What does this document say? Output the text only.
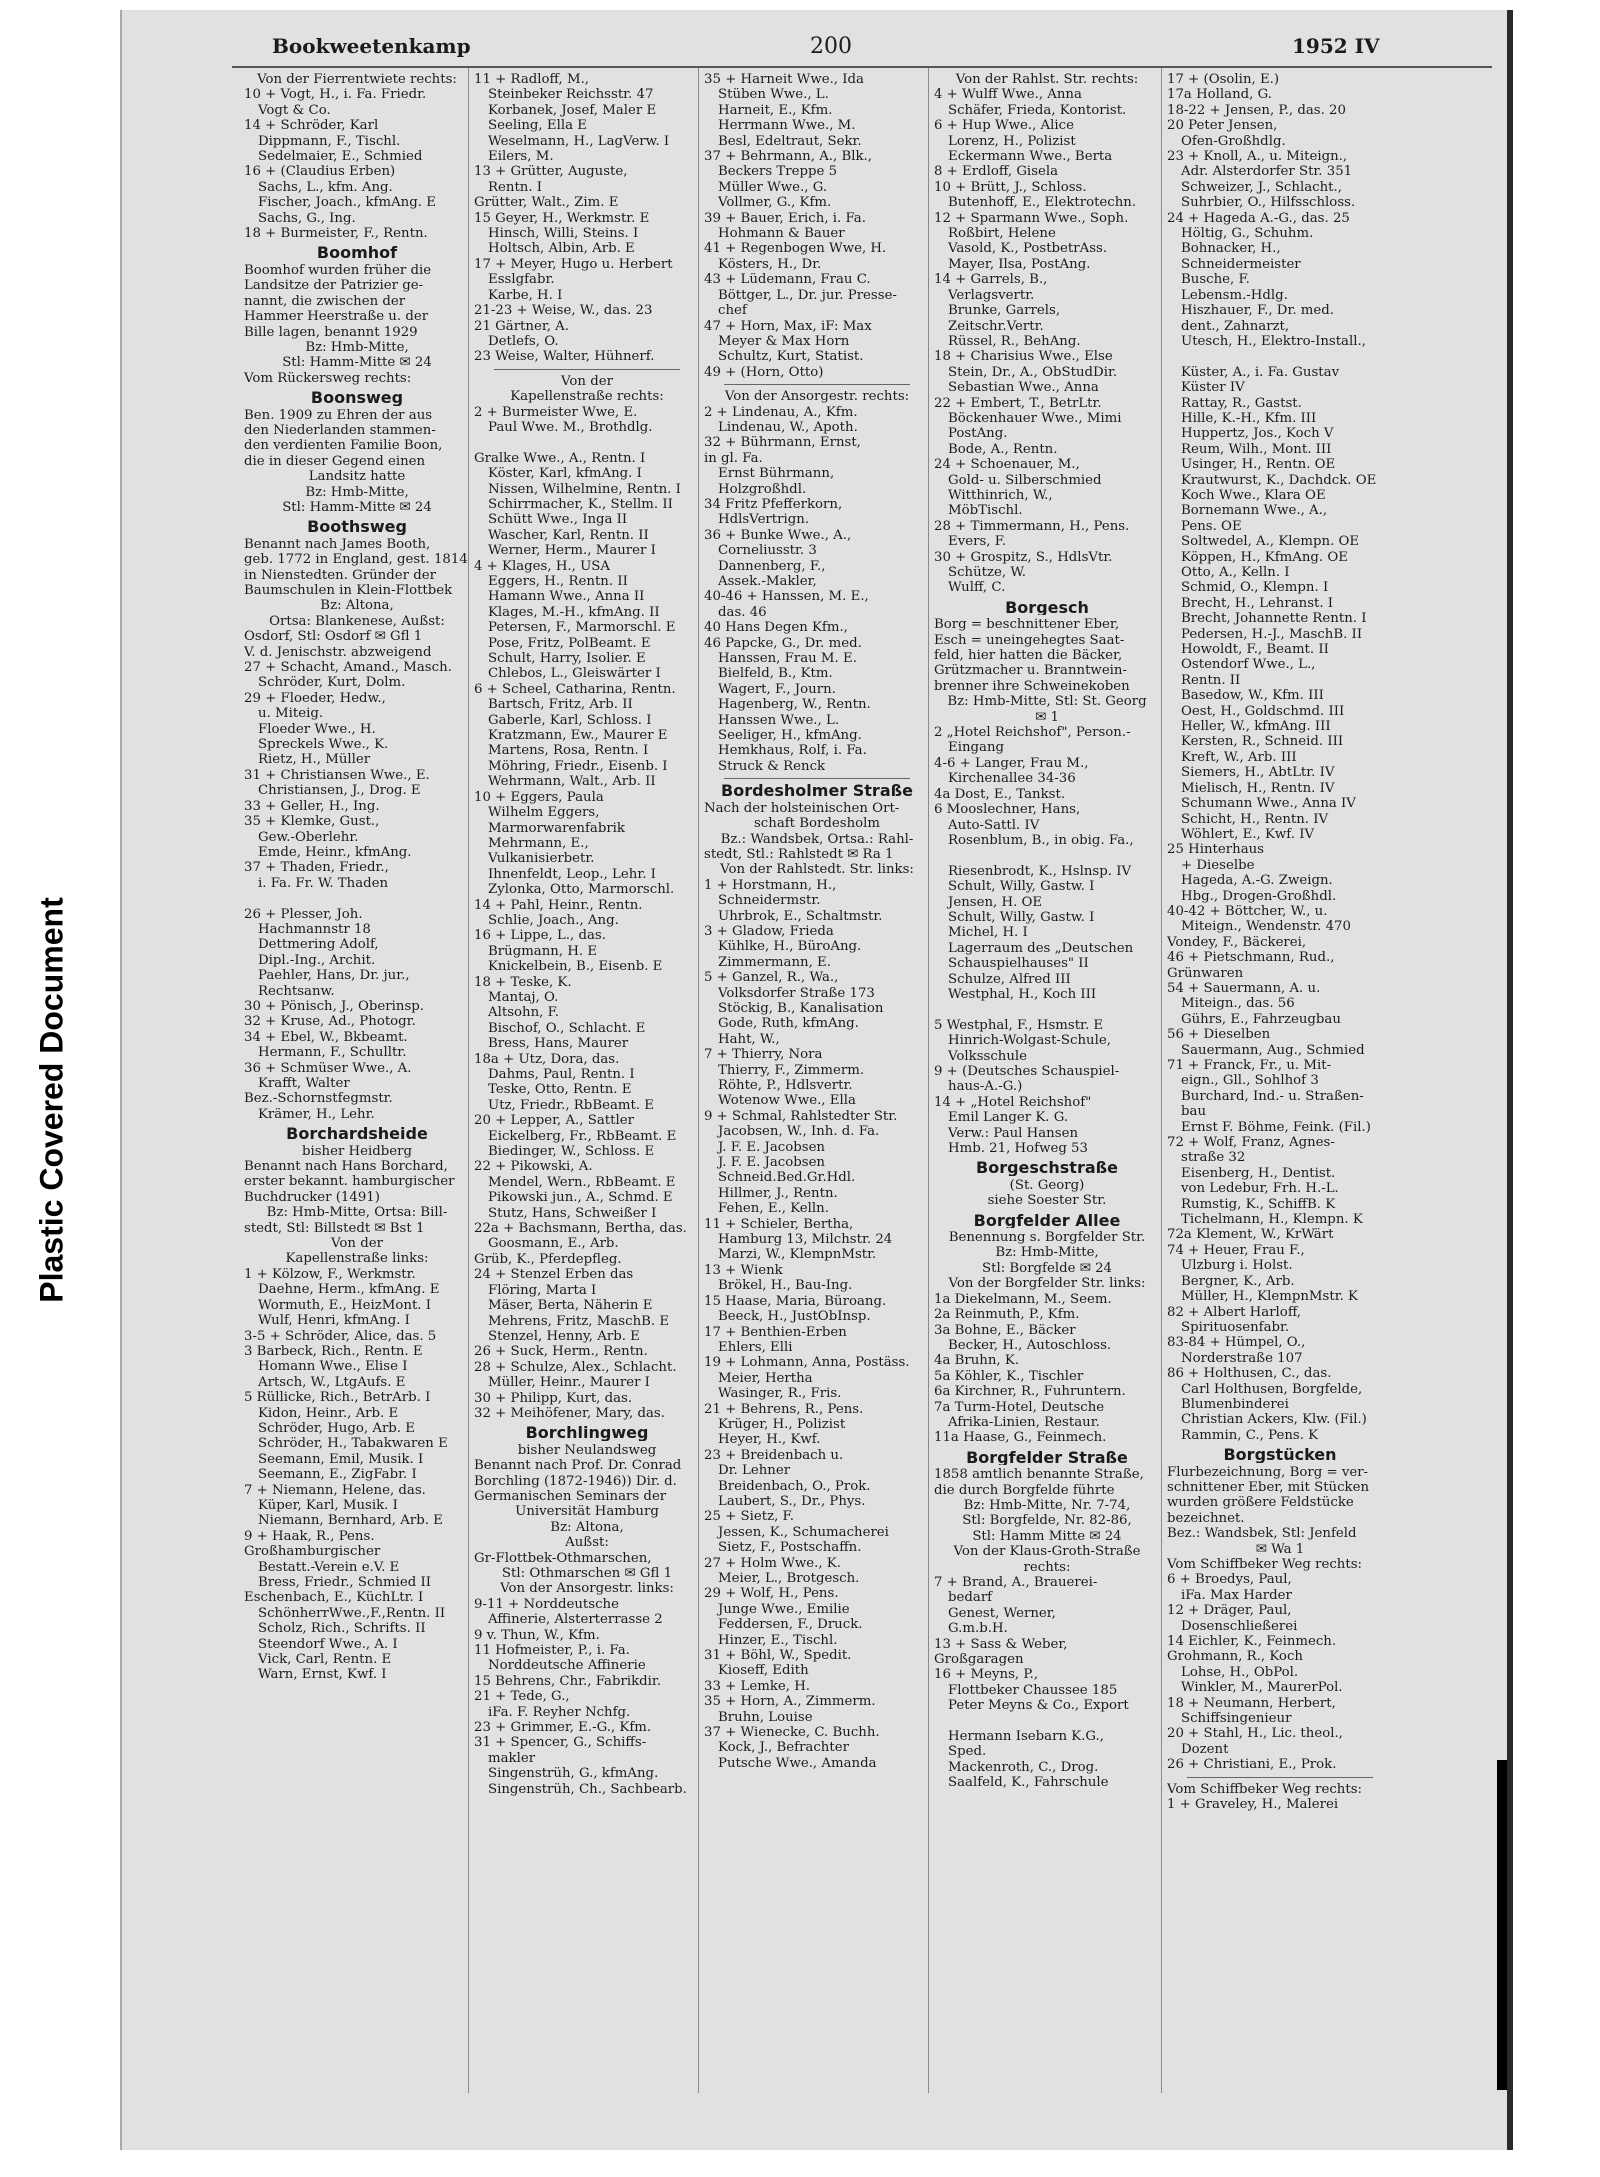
Plastic Covered Document
Bookweetenkamp	200	1952 IV
Von der Fierrentwiete rechts:
10 + Vogt, H., i. Fa. Friedr.
Vogt & Co.
14 + Schröder, Karl
Dippmann, F., Tischl.
Sedelmaier, E., Schmied
16 + (Claudius Erben)
Sachs, L., kfm. Ang.
Fischer, Joach., kfmAng. E
Sachs, G., Ing.
18 + Burmeister, F., Rentn.
Boomhof
Boomhof wurden früher die
Landsitze der Patrizier ge-
nannt, die zwischen der
Hammer Heerstraße u. der
Bille lagen, benannt 1929
Bz: Hmb-Mitte,
Stl: Hamm-Mitte ✉ 24
Vom Rückersweg rechts:
Boonsweg
Ben. 1909 zu Ehren der aus
den Niederlanden stammen-
den verdienten Familie Boon,
die in dieser Gegend einen
Landsitz hatte
Bz: Hmb-Mitte,
Stl: Hamm-Mitte ✉ 24
Boothsweg
Benannt nach James Booth,
geb. 1772 in England, gest. 1814
in Nienstedten. Gründer der
Baumschulen in Klein-Flottbek
Bz: Altona,
Ortsa: Blankenese, Außst:
Osdorf, Stl: Osdorf ✉ Gfl 1
V. d. Jenischstr. abzweigend
27 + Schacht, Amand., Masch.
Schröder, Kurt, Dolm.
29 + Floeder, Hedw.,
u. Miteig.
Floeder Wwe., H.
Spreckels Wwe., K.
Rietz, H., Müller
31 + Christiansen Wwe., E.
Christiansen, J., Drog. E
33 + Geller, H., Ing.
35 + Klemke, Gust.,
Gew.-Oberlehr.
Emde, Heinr., kfmAng.
37 + Thaden, Friedr.,
i. Fa. Fr. W. Thaden

26 + Plesser, Joh.
Hachmannstr 18
Dettmering Adolf,
Dipl.-Ing., Archit.
Paehler, Hans, Dr. jur.,
Rechtsanw.
30 + Pönisch, J., Oberinsp.
32 + Kruse, Ad., Photogr.
34 + Ebel, W., Bkbeamt.
Hermann, F., Schulltr.
36 + Schmüser Wwe., A.
Krafft, Walter
Bez.-Schornstfegmstr.
Krämer, H., Lehr.
Borchardsheide
bisher Heidberg
Benannt nach Hans Borchard,
erster bekannt. hamburgischer
Buchdrucker (1491)
Bz: Hmb-Mitte, Ortsa: Bill-
stedt, Stl: Billstedt ✉ Bst 1
Von der
Kapellenstraße links:
1 + Kölzow, F., Werkmstr.
Daehne, Herm., kfmAng. E
Wormuth, E., HeizMont. I
Wulf, Henri, kfmAng. I
3-5 + Schröder, Alice, das. 5
3 Barbeck, Rich., Rentn. E
Homann Wwe., Elise I
Artsch, W., LtgAufs. E
5 Rüllicke, Rich., BetrArb. I
Kidon, Heinr., Arb. E
Schröder, Hugo, Arb. E
Schröder, H., Tabakwaren E
Seemann, Emil, Musik. I
Seemann, E., ZigFabr. I
7 + Niemann, Helene, das.
Küper, Karl, Musik. I
Niemann, Bernhard, Arb. E
9 + Haak, R., Pens.
Großhamburgischer
Bestatt.-Verein e.V. E
Bress, Friedr., Schmied II
Eschenbach, E., KüchLtr. I
SchönherrWwe.,F.,Rentn. II
Scholz, Rich., Schrifts. II
Steendorf Wwe., A. I
Vick, Carl, Rentn. E
Warn, Ernst, Kwf. I
11 + Radloff, M.,
Steinbeker Reichsstr. 47
Korbanek, Josef, Maler E
Seeling, Ella E
Weselmann, H., LagVerw. I
Eilers, M.
13 + Grütter, Auguste,
Rentn. I
Grütter, Walt., Zim. E
15 Geyer, H., Werkmstr. E
Hinsch, Willi, Steins. I
Holtsch, Albin, Arb. E
17 + Meyer, Hugo u. Herbert
Esslgfabr.
Karbe, H. I
21-23 + Weise, W., das. 23
21 Gärtner, A.
Detlefs, O.
23 Weise, Walter, Hühnerf.
Von der
Kapellenstraße rechts:
2 + Burmeister Wwe, E.
Paul Wwe. M., Brothdlg.

Gralke Wwe., A., Rentn. I
Köster, Karl, kfmAng. I
Nissen, Wilhelmine, Rentn. I
Schirrmacher, K., Stellm. II
Schütt Wwe., Inga II
Wascher, Karl, Rentn. II
Werner, Herm., Maurer I
4 + Klages, H., USA
Eggers, H., Rentn. II
Hamann Wwe., Anna II
Klages, M.-H., kfmAng. II
Petersen, F., Marmorschl. E
Pose, Fritz, PolBeamt. E
Schult, Harry, Isolier. E
Chlebos, L., Gleiswärter I
6 + Scheel, Catharina, Rentn.
Bartsch, Fritz, Arb. II
Gaberle, Karl, Schloss. I
Kratzmann, Ew., Maurer E
Martens, Rosa, Rentn. I
Möhring, Friedr., Eisenb. I
Wehrmann, Walt., Arb. II
10 + Eggers, Paula
Wilhelm Eggers,
Marmorwarenfabrik
Mehrmann, E.,
Vulkanisierbetr.
Ihnenfeldt, Leop., Lehr. I
Zylonka, Otto, Marmorschl.
14 + Pahl, Heinr., Rentn.
Schlie, Joach., Ang.
16 + Lippe, L., das.
Brügmann, H. E
Knickelbein, B., Eisenb. E
18 + Teske, K.
Mantaj, O.
Altsohn, F.
Bischof, O., Schlacht. E
Bress, Hans, Maurer
18a + Utz, Dora, das.
Dahms, Paul, Rentn. I
Teske, Otto, Rentn. E
Utz, Friedr., RbBeamt. E
20 + Lepper, A., Sattler
Eickelberg, Fr., RbBeamt. E
Biedinger, W., Schloss. E
22 + Pikowski, A.
Mendel, Wern., RbBeamt. E
Pikowski jun., A., Schmd. E
Stutz, Hans, Schweißer I
22a + Bachsmann, Bertha, das.
Goosmann, E., Arb.
Grüb, K., Pferdepfleg.
24 + Stenzel Erben das
Flöring, Marta I
Mäser, Berta, Näherin E
Mehrens, Fritz, MaschB. E
Stenzel, Henny, Arb. E
26 + Suck, Herm., Rentn.
28 + Schulze, Alex., Schlacht.
Müller, Heinr., Maurer I
30 + Philipp, Kurt, das.
32 + Meihöfener, Mary, das.
Borchlingweg
bisher Neulandsweg
Benannt nach Prof. Dr. Conrad
Borchling (1872-1946)) Dir. d.
Germanischen Seminars der
Universität Hamburg
Bz: Altona,
Außst:
Gr-Flottbek-Othmarschen,
Stl: Othmarschen ✉ Gfl 1
Von der Ansorgestr. links:
9-11 + Norddeutsche
Affinerie, Alsterterrasse 2
9 v. Thun, W., Kfm.
11 Hofmeister, P., i. Fa.
Norddeutsche Affinerie
15 Behrens, Chr., Fabrikdir.
21 + Tede, G.,
iFa. F. Reyher Nchfg.
23 + Grimmer, E.-G., Kfm.
31 + Spencer, G., Schiffs-
makler
Singenstrüh, G., kfmAng.
Singenstrüh, Ch., Sachbearb.
35 + Harneit Wwe., Ida
Stüben Wwe., L.
Harneit, E., Kfm.
Herrmann Wwe., M.
Besl, Edeltraut, Sekr.
37 + Behrmann, A., Blk.,
Beckers Treppe 5
Müller Wwe., G.
Vollmer, G., Kfm.
39 + Bauer, Erich, i. Fa.
Hohmann & Bauer
41 + Regenbogen Wwe, H.
Kösters, H., Dr.
43 + Lüdemann, Frau C.
Böttger, L., Dr. jur. Presse-
chef
47 + Horn, Max, iF: Max
Meyer & Max Horn
Schultz, Kurt, Statist.
49 + (Horn, Otto)
Von der Ansorgestr. rechts:
2 + Lindenau, A., Kfm.
Lindenau, W., Apoth.
32 + Bührmann, Ernst,
in gl. Fa.
Ernst Bührmann,
Holzgroßhdl.
34 Fritz Pfefferkorn,
HdlsVertrign.
36 + Bunke Wwe., A.,
Corneliusstr. 3
Dannenberg, F.,
Assek.-Makler,
40-46 + Hanssen, M. E.,
das. 46
40 Hans Degen Kfm.,
46 Papcke, G., Dr. med.
Hanssen, Frau M. E.
Bielfeld, B., Ktm.
Wagert, F., Journ.
Hagenberg, W., Rentn.
Hanssen Wwe., L.
Seeliger, H., kfmAng.
Hemkhaus, Rolf, i. Fa.
Struck & Renck
Bordesholmer Straße
Nach der holsteinischen Ort-
schaft Bordesholm
Bz.: Wandsbek, Ortsa.: Rahl-
stedt, Stl.: Rahlstedt ✉ Ra 1
Von der Rahlstedt. Str. links:
1 + Horstmann, H.,
Schneidermstr.
Uhrbrok, E., Schaltmstr.
3 + Gladow, Frieda
Kühlke, H., BüroAng.
Zimmermann, E.
5 + Ganzel, R., Wa.,
Volksdorfer Straße 173
Stöckig, B., Kanalisation
Gode, Ruth, kfmAng.
Haht, W.,
7 + Thierry, Nora
Thierry, F., Zimmerm.
Röhte, P., Hdlsvertr.
Wotenow Wwe., Ella
9 + Schmal, Rahlstedter Str.
Jacobsen, W., Inh. d. Fa.
J. F. E. Jacobsen
J. F. E. Jacobsen
Schneid.Bed.Gr.Hdl.
Hillmer, J., Rentn.
Fehen, E., Kelln.
11 + Schieler, Bertha,
Hamburg 13, Milchstr. 24
Marzi, W., KlempnMstr.
13 + Wienk
Brökel, H., Bau-Ing.
15 Haase, Maria, Büroang.
Beeck, H., JustObInsp.
17 + Benthien-Erben
Ehlers, Elli
19 + Lohmann, Anna, Postäss.
Meier, Hertha
Wasinger, R., Fris.
21 + Behrens, R., Pens.
Krüger, H., Polizist
Heyer, H., Kwf.
23 + Breidenbach u.
Dr. Lehner
Breidenbach, O., Prok.
Laubert, S., Dr., Phys.
25 + Sietz, F.
Jessen, K., Schumacherei
Sietz, F., Postschaffn.
27 + Holm Wwe., K.
Meier, L., Brotgesch.
29 + Wolf, H., Pens.
Junge Wwe., Emilie
Feddersen, F., Druck.
Hinzer, E., Tischl.
31 + Böhl, W., Spedit.
Kioseff, Edith
33 + Lemke, H.
35 + Horn, A., Zimmerm.
Bruhn, Louise
37 + Wienecke, C. Buchh.
Kock, J., Befrachter
Putsche Wwe., Amanda
Von der Rahlst. Str. rechts:
4 + Wulff Wwe., Anna
Schäfer, Frieda, Kontorist.
6 + Hup Wwe., Alice
Lorenz, H., Polizist
Eckermann Wwe., Berta
8 + Erdloff, Gisela
10 + Brütt, J., Schloss.
Butenhoff, E., Elektrotechn.
12 + Sparmann Wwe., Soph.
Roßbirt, Helene
Vasold, K., PostbetrAss.
Mayer, Ilsa, PostAng.
14 + Garrels, B.,
Verlagsvertr.
Brunke, Garrels,
Zeitschr.Vertr.
Rüssel, R., BehAng.
18 + Charisius Wwe., Else
Stein, Dr., A., ObStudDir.
Sebastian Wwe., Anna
22 + Embert, T., BetrLtr.
Böckenhauer Wwe., Mimi
PostAng.
Bode, A., Rentn.
24 + Schoenauer, M.,
Gold- u. Silberschmied
Witthinrich, W.,
MöbTischl.
28 + Timmermann, H., Pens.
Evers, F.
30 + Grospitz, S., HdlsVtr.
Schütze, W.
Wulff, C.
Borgesch
Borg = beschnittener Eber,
Esch = uneingehegtes Saat-
feld, hier hatten die Bäcker,
Grützmacher u. Branntwein-
brenner ihre Schweinekoben
Bz: Hmb-Mitte, Stl: St. Georg
✉ 1
2 „Hotel Reichshof", Person.-
Eingang
4-6 + Langer, Frau M.,
Kirchenallee 34-36
4a Dost, E., Tankst.
6 Mooslechner, Hans,
Auto-Sattl. IV
Rosenblum, B., in obig. Fa.,

Riesenbrodt, K., Hslnsp. IV
Schult, Willy, Gastw. I
Jensen, H. OE
Schult, Willy, Gastw. I
Michel, H. I
Lagerraum des „Deutschen
Schauspielhauses" II
Schulze, Alfred III
Westphal, H., Koch III

5 Westphal, F., Hsmstr. E
Hinrich-Wolgast-Schule,
Volksschule
9 + (Deutsches Schauspiel-
haus-A.-G.)
14 + „Hotel Reichshof"
Emil Langer K. G.
Verw.: Paul Hansen
Hmb. 21, Hofweg 53
Borgeschstraße
(St. Georg)
siehe Soester Str.
Borgfelder Allee
Benennung s. Borgfelder Str.
Bz: Hmb-Mitte,
Stl: Borgfelde ✉ 24
Von der Borgfelder Str. links:
1a Diekelmann, M., Seem.
2a Reinmuth, P., Kfm.
3a Bohne, E., Bäcker
Becker, H., Autoschloss.
4a Bruhn, K.
5a Köhler, K., Tischler
6a Kirchner, R., Fuhruntern.
7a Turm-Hotel, Deutsche
Afrika-Linien, Restaur.
11a Haase, G., Feinmech.
Borgfelder Straße
1858 amtlich benannte Straße,
die durch Borgfelde führte
Bz: Hmb-Mitte, Nr. 7-74,
Stl: Borgfelde, Nr. 82-86,
Stl: Hamm Mitte ✉ 24
Von der Klaus-Groth-Straße
rechts:
7 + Brand, A., Brauerei-
bedarf
Genest, Werner,
G.m.b.H.
13 + Sass & Weber,
Großgaragen
16 + Meyns, P.,
Flottbeker Chaussee 185
Peter Meyns & Co., Export

Hermann Isebarn K.G.,
Sped.
Mackenroth, C., Drog.
Saalfeld, K., Fahrschule
17 + (Osolin, E.)
17a Holland, G.
18-22 + Jensen, P., das. 20
20 Peter Jensen,
Ofen-Großhdlg.
23 + Knoll, A., u. Miteign.,
Adr. Alsterdorfer Str. 351
Schweizer, J., Schlacht.,
Suhrbier, O., Hilfsschloss.
24 + Hageda A.-G., das. 25
Höltig, G., Schuhm.
Bohnacker, H.,
Schneidermeister
Busche, F.
Lebensm.-Hdlg.
Hiszhauer, F., Dr. med.
dent., Zahnarzt,
Utesch, H., Elektro-Install.,

Küster, A., i. Fa. Gustav
Küster IV
Rattay, R., Gastst.
Hille, K.-H., Kfm. III
Huppertz, Jos., Koch V
Reum, Wilh., Mont. III
Usinger, H., Rentn. OE
Krautwurst, K., Dachdck. OE
Koch Wwe., Klara OE
Bornemann Wwe., A.,
Pens. OE
Soltwedel, A., Klempn. OE
Köppen, H., KfmAng. OE
Otto, A., Kelln. I
Schmid, O., Klempn. I
Brecht, H., Lehranst. I
Brecht, Johannette Rentn. I
Pedersen, H.-J., MaschB. II
Howoldt, F., Beamt. II
Ostendorf Wwe., L.,
Rentn. II
Basedow, W., Kfm. III
Oest, H., Goldschmd. III
Heller, W., kfmAng. III
Kersten, R., Schneid. III
Kreft, W., Arb. III
Siemers, H., AbtLtr. IV
Mielisch, H., Rentn. IV
Schumann Wwe., Anna IV
Schicht, H., Rentn. IV
Wöhlert, E., Kwf. IV
25 Hinterhaus
+ Dieselbe
Hageda, A.-G. Zweign.
Hbg., Drogen-Großhdl.
40-42 + Böttcher, W., u.
Miteign., Wendenstr. 470
Vondey, F., Bäckerei,
46 + Pietschmann, Rud.,
Grünwaren
54 + Sauermann, A. u.
Miteign., das. 56
Gührs, E., Fahrzeugbau
56 + Dieselben
Sauermann, Aug., Schmied
71 + Franck, Fr., u. Mit-
eign., Gll., Sohlhof 3
Burchard, Ind.- u. Straßen-
bau
Ernst F. Böhme, Feink. (Fil.)
72 + Wolf, Franz, Agnes-
straße 32
Eisenberg, H., Dentist.
von Ledebur, Frh. H.-L.
Rumstig, K., SchiffB. K
Tichelmann, H., Klempn. K
72a Klement, W., KrWärt
74 + Heuer, Frau F.,
Ulzburg i. Holst.
Bergner, K., Arb.
Müller, H., KlempnMstr. K
82 + Albert Harloff,
Spirituosenfabr.
83-84 + Hümpel, O.,
Norderstraße 107
86 + Holthusen, C., das.
Carl Holthusen, Borgfelde,
Blumenbinderei
Christian Ackers, Klw. (Fil.)
Rammin, C., Pens. K
Borgstücken
Flurbezeichnung, Borg = ver-
schnittener Eber, mit Stücken
wurden größere Feldstücke
bezeichnet.
Bez.: Wandsbek, Stl: Jenfeld
✉ Wa 1
Vom Schiffbeker Weg rechts:
6 + Broedys, Paul,
iFa. Max Harder
12 + Dräger, Paul,
Dosenschließerei
14 Eichler, K., Feinmech.
Grohmann, R., Koch
Lohse, H., ObPol.
Winkler, M., MaurerPol.
18 + Neumann, Herbert,
Schiffsingenieur
20 + Stahl, H., Lic. theol.,
Dozent
26 + Christiani, E., Prok.
Vom Schiffbeker Weg rechts:
1 + Graveley, H., Malerei
